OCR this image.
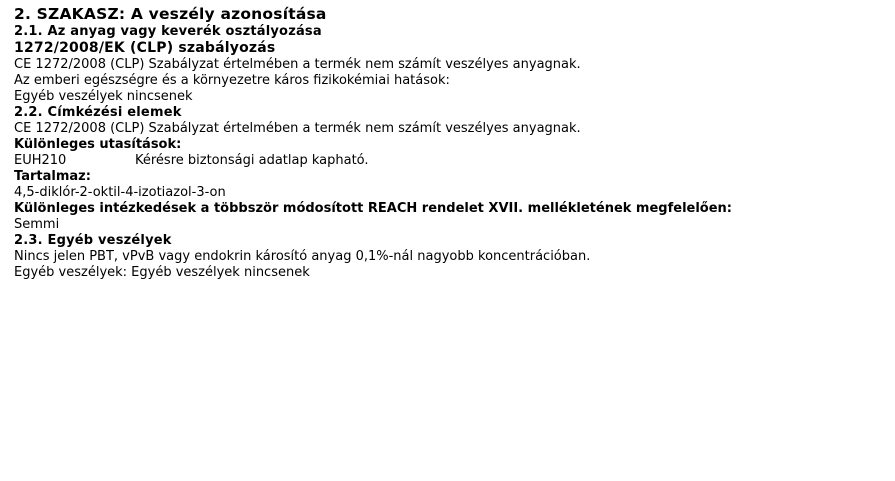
2. SZAKASZ: A veszély azonosítása
2.1. Az anyag vagy keverék osztályozása
1272/2008/EK (CLP) szabályozás

CE 1272/2008 (CLP) Szabályzat értelmében a termék nem számít veszélyes anyagnak.

Az emberi egészségre és a környezetre káros fizikokémiai hatások:

Egyéb veszélyek nincsenek

2.2. Címkézési elemek

CE 1272/2008 (CLP) Szabályzat értelmében a termék nem számít veszélyes anyagnak.

Különleges utasítások:

EUH210	Kérésre biztonsági adatlap kapható.

Tartalmaz:

4,5-diklór-2-oktil-4-izotiazol-3-on

Különleges intézkedések a többször módosított REACH rendelet XVII. mellékletének megfelelően:

Semmi

2.3. Egyéb veszélyek

Nincs jelen PBT, vPvB vagy endokrin károsító anyag 0,1%-nál nagyobb koncentrációban.

Egyéb veszélyek: Egyéb veszélyek nincsenek
